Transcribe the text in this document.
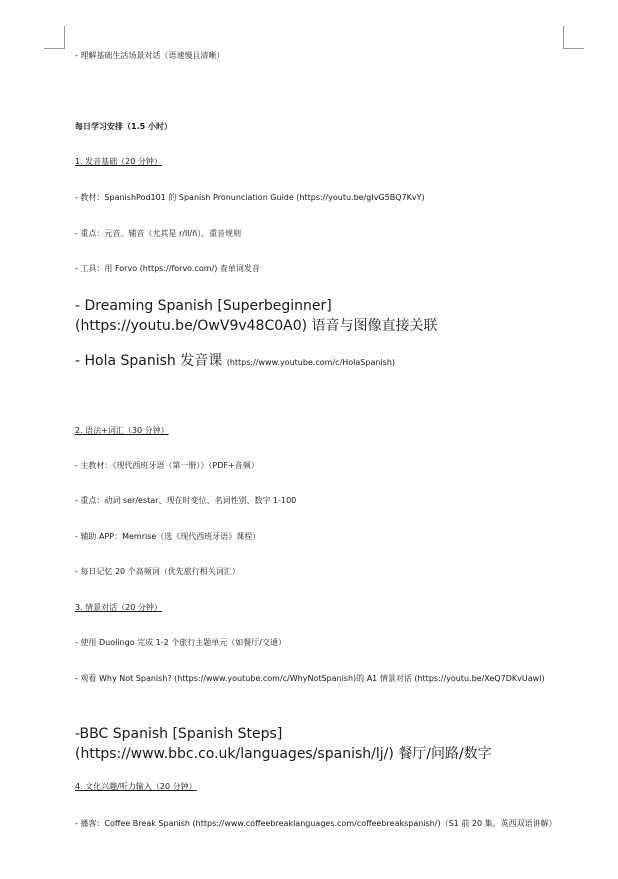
- 理解基础生活场景对话（语速慢且清晰）
每日学习安排（1.5 小时）
1. 发音基础（20 分钟）
- 教材：SpanishPod101 的 Spanish Pronunciation Guide (https://youtu.be/gIvG5BQ7KvY)
- 重点：元音、辅音（尤其是 r/ll/ñ）、重音规则
- 工具：用 Forvo (https://forvo.com/) 查单词发音
- Dreaming Spanish [Superbeginner] (https://youtu.be/OwV9v48C0A0) 语音与图像直接关联
- Hola Spanish 发音课 (https://www.youtube.com/c/HolaSpanish)
2. 语法+词汇（30 分钟）
- 主教材：《现代西班牙语（第一册）》（PDF+音频）
- 重点：动词 ser/estar、现在时变位、名词性别、数字 1-100
- 辅助 APP：Memrise（选《现代西班牙语》课程）
- 每日记忆 20 个高频词（优先旅行相关词汇）
3. 情景对话（20 分钟）
- 使用 Duolingo 完成 1-2 个旅行主题单元（如餐厅/交通）
- 观看 Why Not Spanish? (https://www.youtube.com/c/WhyNotSpanish)的 A1 情景对话 (https://youtu.be/XeQ7DKvUawI)
-BBC Spanish [Spanish Steps] (https://www.bbc.co.uk/languages/spanish/lj/) 餐厅/问路/数字
4. 文化兴趣/听力输入（20 分钟）
- 播客：Coffee Break Spanish (https://www.coffeebreaklanguages.com/coffeebreakspanish/)（S1 前 20 集，英西双语讲解）
